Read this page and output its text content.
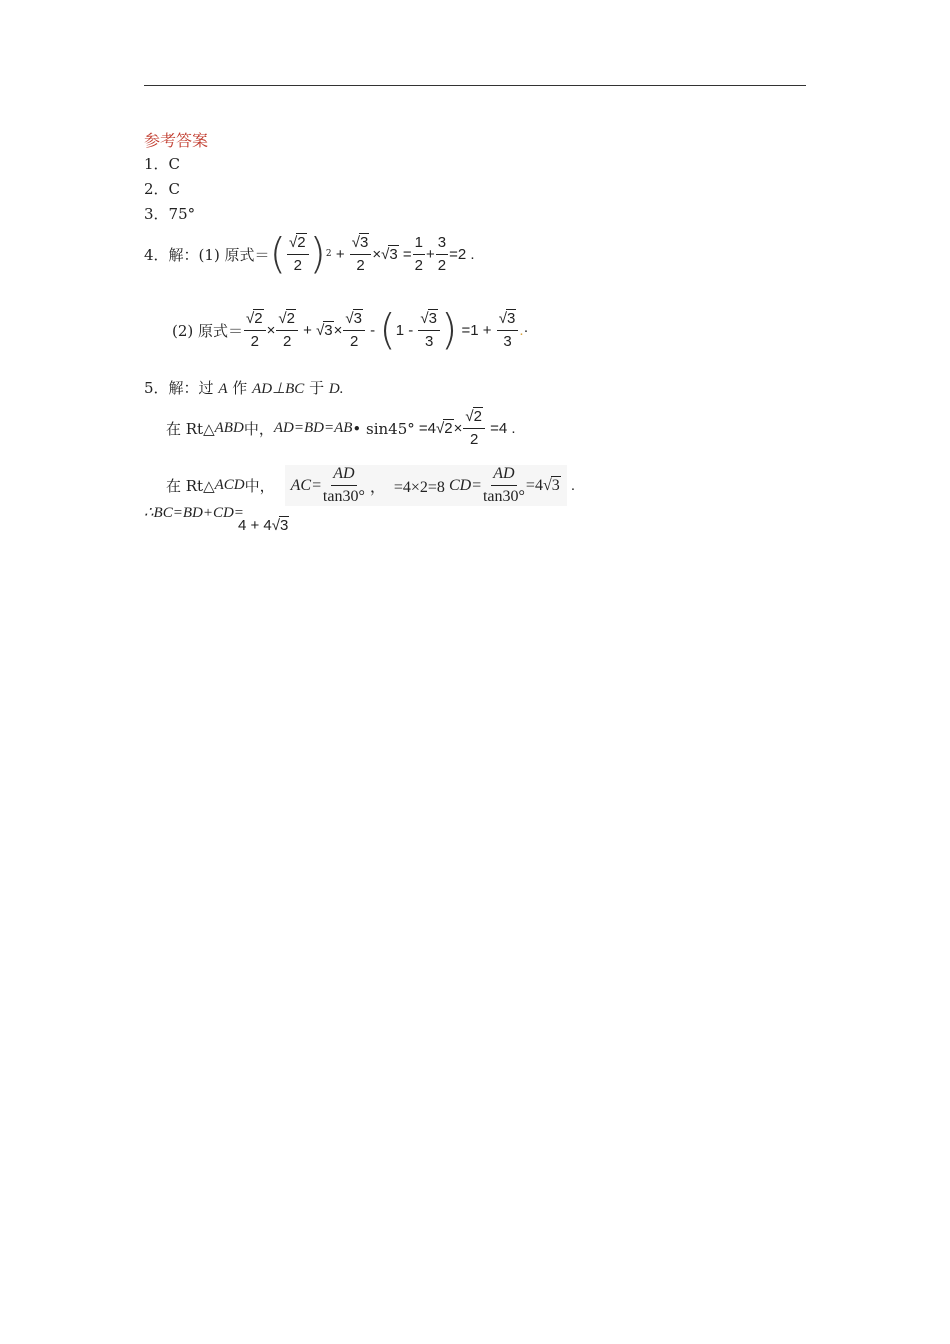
参考答案
1．C
2．C
3．75°
4．解：(1) 原式＝ ( $\frac{√2}{2}$ ) $2 + \frac{√3}{2} \times√3 = \frac{1}{2} + \frac{3}{2} =2$ .
(2) 原式＝ $\frac{√2}{2} \times \frac{√2}{2} + √3\times \frac{√3}{2}$ - ( $1 - \frac{√3}{3}$ ) $=1 + \frac{√3}{3}$ . ·
5．解：过 A 作 AD⊥BC 于 D.
在 Rt△ ABD 中， AD=BD=AB • $\sin 45^\circ =4√2\times \frac{√2}{2} =4$ .
在 Rt△ ACD 中， $AC= \frac{AD}{\tan 30^\circ}$ ，  =4×2=8 $CD= \frac{AD}{\tan 30^\circ} =4√3$ .
∴BC=BD+CD=
4 + 4√3
